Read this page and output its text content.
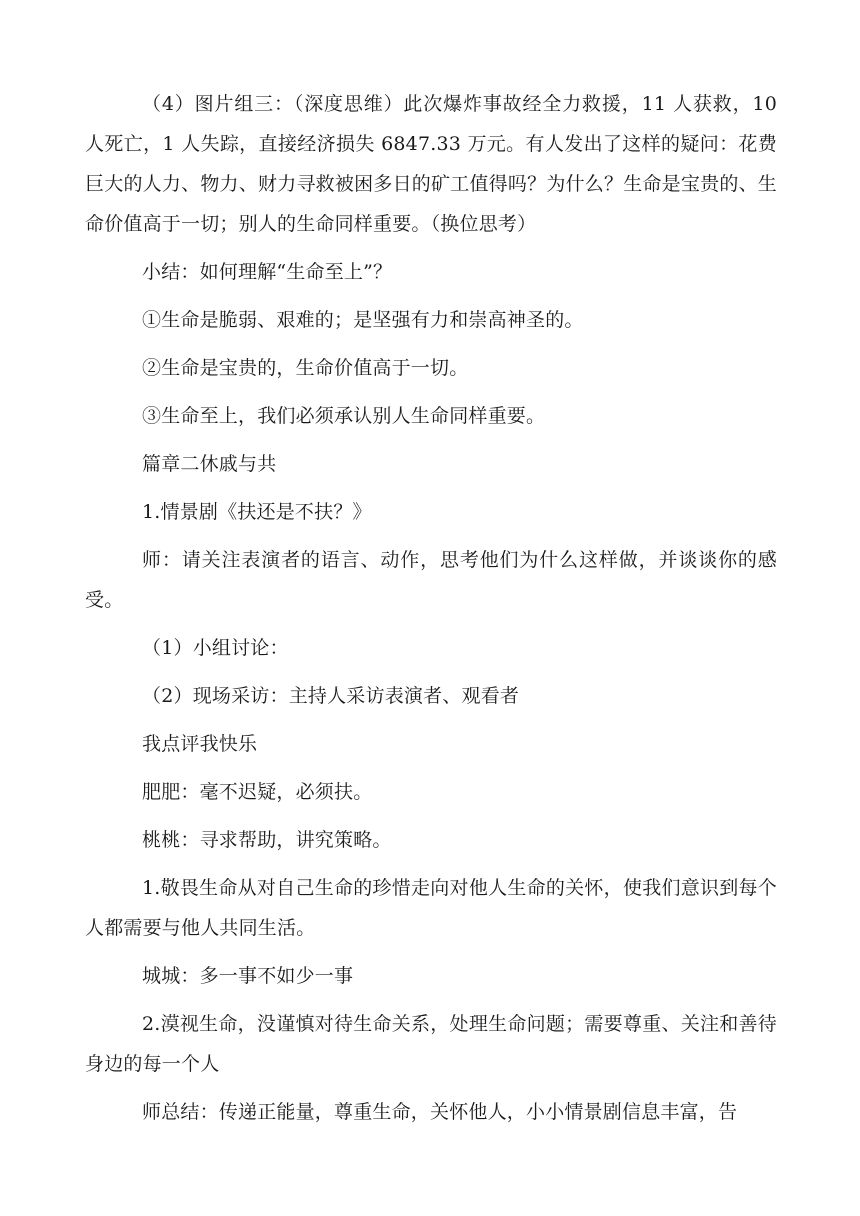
（4）图片组三：（深度思维）此次爆炸事故经全力救援，11 人获救，10 人死亡，1 人失踪，直接经济损失 6847.33 万元。有人发出了这样的疑问：花费巨大的人力、物力、财力寻救被困多日的矿工值得吗？为什么？生命是宝贵的、生命价值高于一切；别人的生命同样重要。（换位思考）

小结：如何理解“生命至上”？

①生命是脆弱、艰难的；是坚强有力和崇高神圣的。

②生命是宝贵的，生命价值高于一切。

③生命至上，我们必须承认别人生命同样重要。

篇章二休戚与共

1.情景剧《扶还是不扶？》

师：请关注表演者的语言、动作，思考他们为什么这样做，并谈谈你的感受。

（1）小组讨论：

（2）现场采访：主持人采访表演者、观看者

我点评我快乐

肥肥：毫不迟疑，必须扶。

桃桃：寻求帮助，讲究策略。

1.敬畏生命从对自己生命的珍惜走向对他人生命的关怀，使我们意识到每个人都需要与他人共同生活。

城城：多一事不如少一事

2.漠视生命，没谨慎对待生命关系，处理生命问题；需要尊重、关注和善待身边的每一个人

师总结：传递正能量，尊重生命，关怀他人，小小情景剧信息丰富，告
